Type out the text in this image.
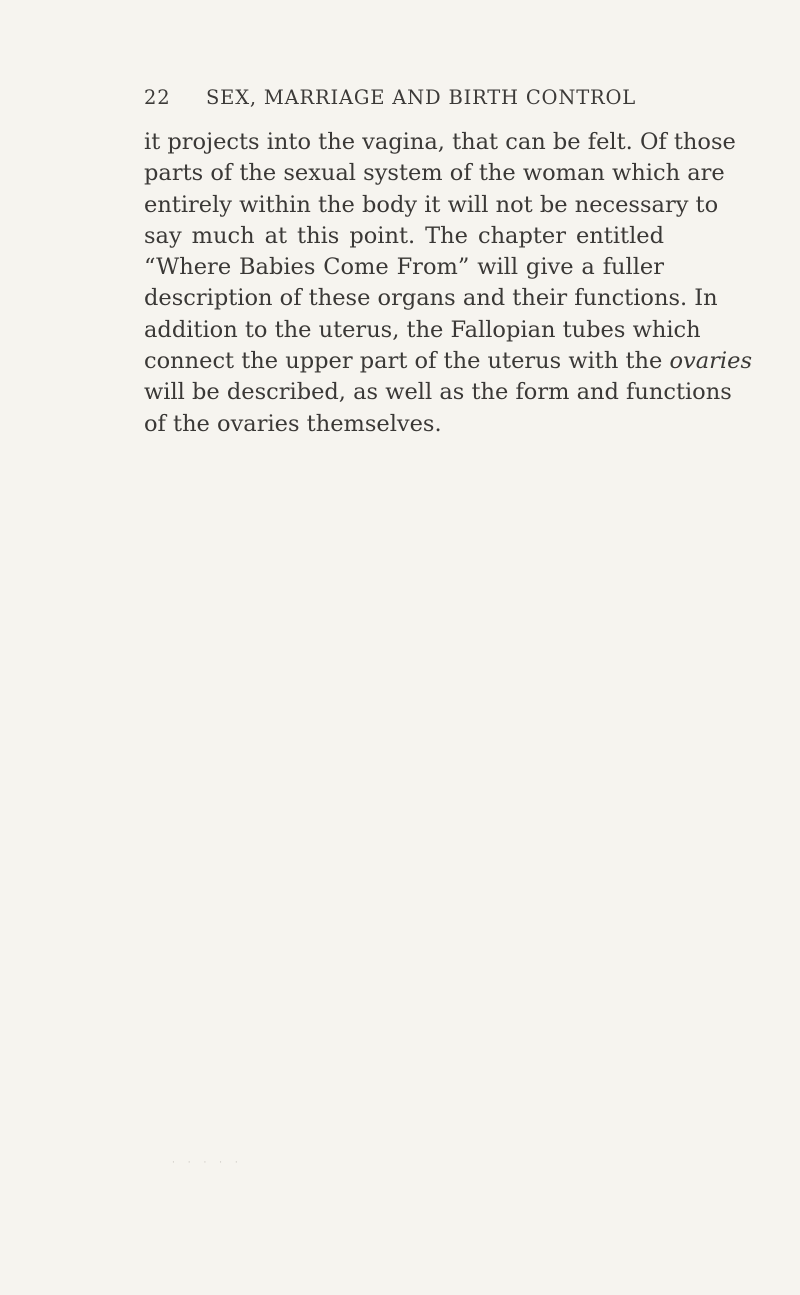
22	SEX, MARRIAGE AND BIRTH CONTROL

it projects into the vagina, that can be felt. Of those
parts of the sexual system of the woman which are
entirely within the body it will not be necessary to
say much at this point. The chapter entitled
“Where Babies Come From” will give a fuller
description of these organs and their functions. In
addition to the uterus, the Fallopian tubes which
connect the upper part of the uterus with the ovaries
will be described, as well as the form and functions
of the ovaries themselves.

· · · · ·
